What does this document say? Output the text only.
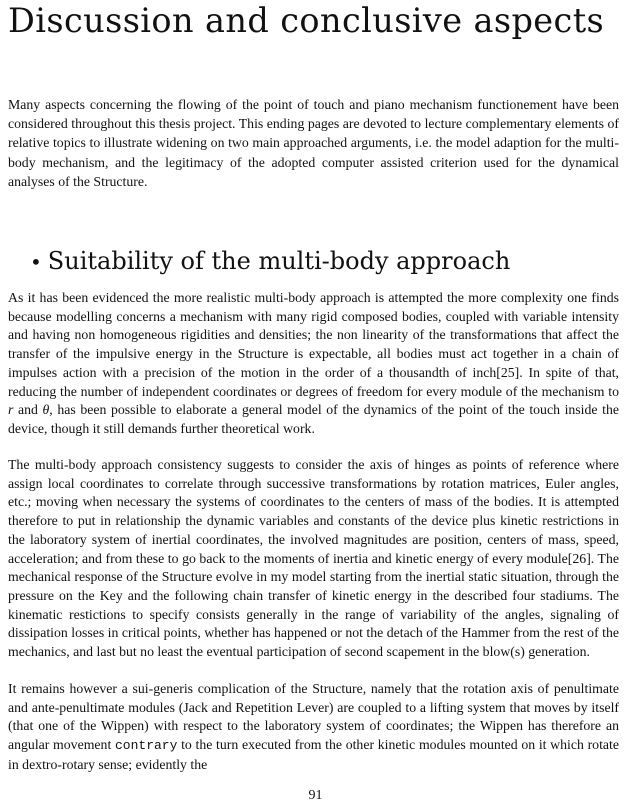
Discussion and conclusive aspects

Many aspects concerning the flowing of the point of touch and piano mechanism functionement have been considered throughout this thesis project. This ending pages are devoted to lecture complementary elements of relative topics to illustrate widening on two main approached arguments, i.e. the model adaption for the multi-body mechanism, and the legitimacy of the adopted computer assisted criterion used for the dynamical analyses of the Structure.

• Suitability of the multi-body approach

As it has been evidenced the more realistic multi-body approach is attempted the more complexity one finds because modelling concerns a mechanism with many rigid composed bodies, coupled with variable intensity and having non homogeneous rigidities and densities; the non linearity of the transformations that affect the transfer of the impulsive energy in the Structure is expectable, all bodies must act together in a chain of impulses action with a precision of the motion in the order of a thousandth of inch[25]. In spite of that, reducing the number of independent coordinates or degrees of freedom for every module of the mechanism to r and θ, has been possible to elaborate a general model of the dynamics of the point of the touch inside the device, though it still demands further theoretical work.

The multi-body approach consistency suggests to consider the axis of hinges as points of reference where assign local coordinates to correlate through successive transformations by rotation matrices, Euler angles, etc.; moving when necessary the systems of coordinates to the centers of mass of the bodies. It is attempted therefore to put in relationship the dynamic variables and constants of the device plus kinetic restrictions in the laboratory system of inertial coordinates, the involved magnitudes are position, centers of mass, speed, acceleration; and from these to go back to the moments of inertia and kinetic energy of every module[26]. The mechanical response of the Structure evolve in my model starting from the inertial static situation, through the pressure on the Key and the following chain transfer of kinetic energy in the described four stadiums. The kinematic restictions to specify consists generally in the range of variability of the angles, signaling of dissipation losses in critical points, whether has happened or not the detach of the Hammer from the rest of the mechanics, and last but no least the eventual participation of second scapement in the blow(s) generation.

It remains however a sui-generis complication of the Structure, namely that the rotation axis of penultimate and ante-penultimate modules (Jack and Repetition Lever) are coupled to a lifting system that moves by itself (that one of the Wippen) with respect to the laboratory system of coordinates; the Wippen has therefore an angular movement contrary to the turn executed from the other kinetic modules mounted on it which rotate in dextro-rotary sense; evidently the

91
